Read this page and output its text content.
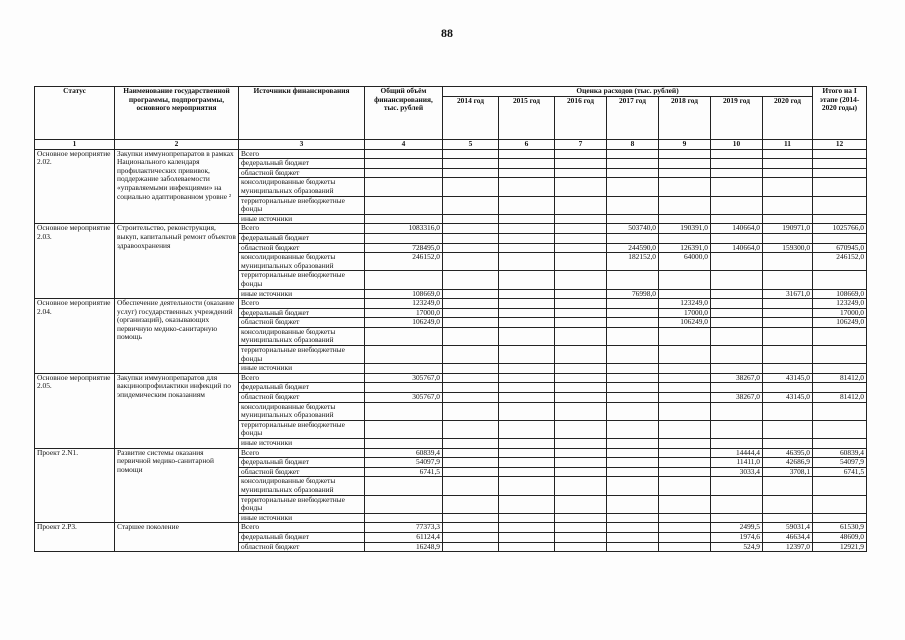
88
Статус	Наименование государственной программы, подпрограммы, основного мероприятия	Источники финансирования	Общий объём финансирования, тыс. рублей	Оценка расходов (тыс. рублей)							Итого на I этапе (2014-2020 годы)
				2014 год	2015 год	2016 год	2017 год	2018 год	2019 год	2020 год	
1	2	3	4	5	6	7	8	9	10	11	12
Основное мероприятие 2.02.	Закупки иммунопрепаратов в рамках Национального календаря профилактических прививок, поддержание заболеваемости «управляемыми инфекциями» на социально адаптированном уровне ²	Всего									
		федеральный бюджет									
		областной бюджет									
		консолидированные бюджеты муниципальных образований									
		территориальные внебюджетные фонды									
		иные источники									
Основное мероприятие 2.03.	Строительство, реконструкция, выкуп, капитальный ремонт объектов здравоохранения	Всего	1083316,0				503740,0	190391,0	140664,0	190971,0	1025766,0
		федеральный бюджет									
		областной бюджет	728495,0				244590,0	126391,0	140664,0	159300,0	670945,0
		консолидированные бюджеты муниципальных образований	246152,0				182152,0	64000,0			246152,0
		территориальные внебюджетные фонды									
		иные источники	108669,0				76998,0			31671,0	108669,0
Основное мероприятие 2.04.	Обеспечение деятельности (оказание услуг) государственных учреждений (организаций), оказывающих первичную медико-санитарную помощь	Всего	123249,0					123249,0			123249,0
		федеральный бюджет	17000,0					17000,0			17000,0
		областной бюджет	106249,0					106249,0			106249,0
		консолидированные бюджеты муниципальных образований									
		территориальные внебюджетные фонды									
		иные источники									
Основное мероприятие 2.05.	Закупки иммунопрепаратов для вакцинопрофилактики инфекций по эпидемическим показаниям	Всего	305767,0						38267,0	43145,0	81412,0
		федеральный бюджет									
		областной бюджет	305767,0						38267,0	43145,0	81412,0
		консолидированные бюджеты муниципальных образований									
		территориальные внебюджетные фонды									
		иные источники									
Проект 2.N1.	Развитие системы оказания первичной медико-санитарной помощи	Всего	60839,4						14444,4	46395,0	60839,4
		федеральный бюджет	54097,9						11411,0	42686,9	54097,9
		областной бюджет	6741,5						3033,4	3708,1	6741,5
		консолидированные бюджеты муниципальных образований									
		территориальные внебюджетные фонды									
		иные источники									
Проект 2.P3.	Старшее поколение	Всего	77373,3						2499,5	59031,4	61530,9
		федеральный бюджет	61124,4						1974,6	46634,4	48609,0
		областной бюджет	16248,9						524,9	12397,0	12921,9
